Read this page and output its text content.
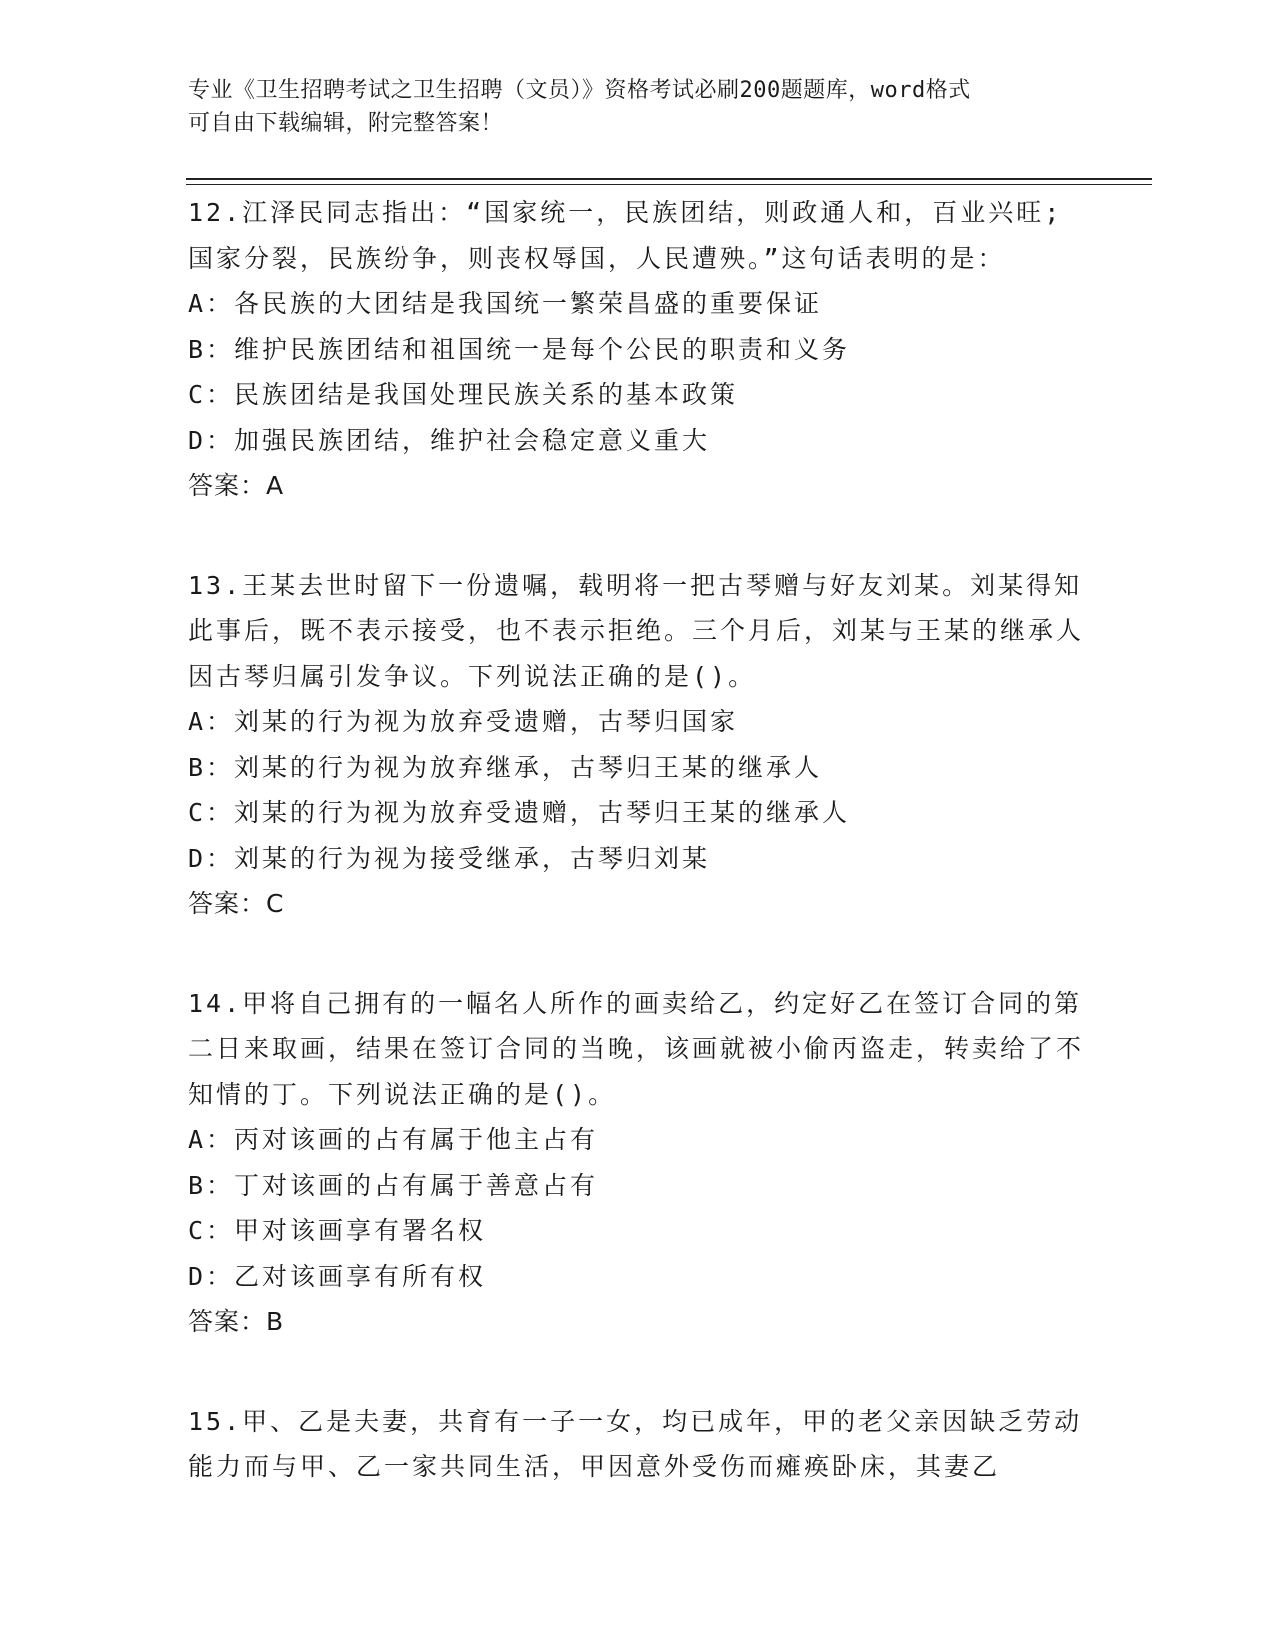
专业《卫生招聘考试之卫生招聘（文员）》资格考试必刷200题题库，word格式
可自由下载编辑，附完整答案！
12.江泽民同志指出：“国家统一，民族团结，则政通人和，百业兴旺;国家分裂，民族纷争，则丧权辱国，人民遭殃。”这句话表明的是：
A：各民族的大团结是我国统一繁荣昌盛的重要保证
B：维护民族团结和祖国统一是每个公民的职责和义务
C：民族团结是我国处理民族关系的基本政策
D：加强民族团结，维护社会稳定意义重大
答案：A
13.王某去世时留下一份遗嘱，载明将一把古琴赠与好友刘某。刘某得知此事后，既不表示接受，也不表示拒绝。三个月后，刘某与王某的继承人因古琴归属引发争议。下列说法正确的是()。
A：刘某的行为视为放弃受遗赠，古琴归国家
B：刘某的行为视为放弃继承，古琴归王某的继承人
C：刘某的行为视为放弃受遗赠，古琴归王某的继承人
D：刘某的行为视为接受继承，古琴归刘某
答案：C
14.甲将自己拥有的一幅名人所作的画卖给乙，约定好乙在签订合同的第二日来取画，结果在签订合同的当晚，该画就被小偷丙盗走，转卖给了不知情的丁。下列说法正确的是()。
A：丙对该画的占有属于他主占有
B：丁对该画的占有属于善意占有
C：甲对该画享有署名权
D：乙对该画享有所有权
答案：B
15.甲、乙是夫妻，共育有一子一女，均已成年，甲的老父亲因缺乏劳动能力而与甲、乙一家共同生活，甲因意外受伤而瘫痪卧床，其妻乙
